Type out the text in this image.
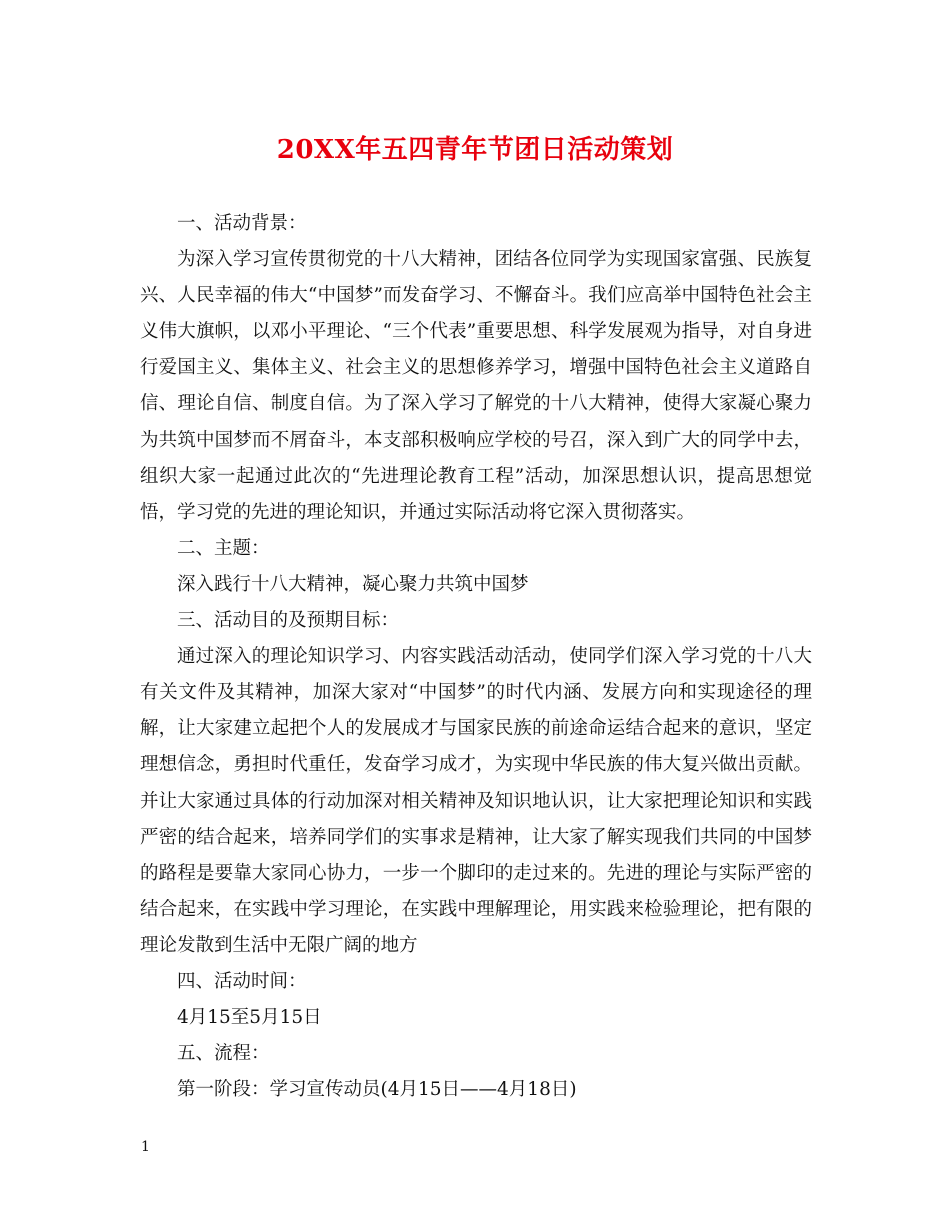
20XX年五四青年节团日活动策划

一、活动背景：

为深入学习宣传贯彻党的十八大精神，团结各位同学为实现国家富强、民族复兴、人民幸福的伟大“中国梦”而发奋学习、不懈奋斗。我们应高举中国特色社会主义伟大旗帜，以邓小平理论、“三个代表”重要思想、科学发展观为指导，对自身进行爱国主义、集体主义、社会主义的思想修养学习，增强中国特色社会主义道路自信、理论自信、制度自信。为了深入学习了解党的十八大精神，使得大家凝心聚力为共筑中国梦而不屑奋斗，本支部积极响应学校的号召，深入到广大的同学中去，组织大家一起通过此次的“先进理论教育工程”活动，加深思想认识，提高思想觉悟，学习党的先进的理论知识，并通过实际活动将它深入贯彻落实。

二、主题：

深入践行十八大精神，凝心聚力共筑中国梦

三、活动目的及预期目标：

通过深入的理论知识学习、内容实践活动活动，使同学们深入学习党的十八大有关文件及其精神，加深大家对“中国梦”的时代内涵、发展方向和实现途径的理解，让大家建立起把个人的发展成才与国家民族的前途命运结合起来的意识，坚定理想信念，勇担时代重任，发奋学习成才，为实现中华民族的伟大复兴做出贡献。并让大家通过具体的行动加深对相关精神及知识地认识，让大家把理论知识和实践严密的结合起来，培养同学们的实事求是精神，让大家了解实现我们共同的中国梦的路程是要靠大家同心协力，一步一个脚印的走过来的。先进的理论与实际严密的结合起来，在实践中学习理论，在实践中理解理论，用实践来检验理论，把有限的理论发散到生活中无限广阔的地方

四、活动时间：

4月15至5月15日

五、流程：

第一阶段：学习宣传动员(4月15日——4月18日)

1
